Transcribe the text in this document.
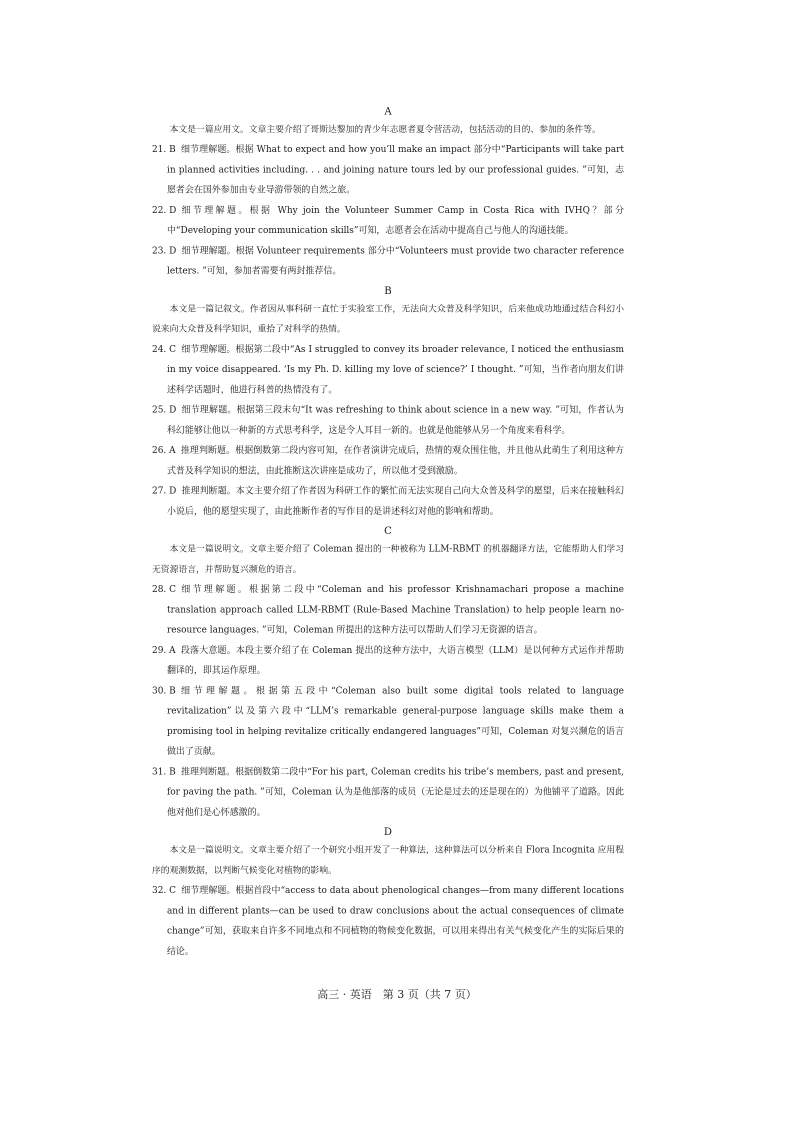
A

本文是一篇应用文。文章主要介绍了哥斯达黎加的青少年志愿者夏令营活动，包括活动的目的、参加的条件等。

21. B 细节理解题。根据 What to expect and how you’ll make an impact 部分中“Participants will take part in planned activities including. . . and joining nature tours led by our professional guides. ”可知，志愿者会在国外参加由专业导游带领的自然之旅。
22. D 细节理解题。根据 Why join the Volunteer Summer Camp in Costa Rica with IVHQ？部分中“Developing your communication skills”可知，志愿者会在活动中提高自己与他人的沟通技能。
23. D 细节理解题。根据 Volunteer requirements 部分中“Volunteers must provide two character reference letters. ”可知，参加者需要有两封推荐信。

B

本文是一篇记叙文。作者因从事科研一直忙于实验室工作，无法向大众普及科学知识，后来他成功地通过结合科幻小说来向大众普及科学知识，重拾了对科学的热情。

24. C 细节理解题。根据第二段中“As I struggled to convey its broader relevance, I noticed the enthusiasm in my voice disappeared. ‘Is my Ph. D. killing my love of science?’ I thought. ”可知，当作者向朋友们讲述科学话题时，他进行科普的热情没有了。
25. D 细节理解题。根据第三段末句“It was refreshing to think about science in a new way. ”可知，作者认为科幻能够让他以一种新的方式思考科学，这是令人耳目一新的。也就是他能够从另一个角度来看科学。
26. A 推理判断题。根据倒数第二段内容可知，在作者演讲完成后，热情的观众围住他，并且他从此萌生了利用这种方式普及科学知识的想法，由此推断这次讲座是成功了，所以他才受到激励。
27. D 推理判断题。本文主要介绍了作者因为科研工作的繁忙而无法实现自己向大众普及科学的愿望，后来在接触科幻小说后，他的愿望实现了，由此推断作者的写作目的是讲述科幻对他的影响和帮助。

C

本文是一篇说明文。文章主要介绍了 Coleman 提出的一种被称为 LLM-RBMT 的机器翻译方法，它能帮助人们学习无资源语言，并帮助复兴濒危的语言。

28. C 细节理解题。根据第二段中“Coleman and his professor Krishnamachari propose a machine translation approach called LLM-RBMT (Rule-Based Machine Translation) to help people learn no-resource languages. ”可知，Coleman 所提出的这种方法可以帮助人们学习无资源的语言。
29. A 段落大意题。本段主要介绍了在 Coleman 提出的这种方法中，大语言模型（LLM）是以何种方式运作并帮助翻译的，即其运作原理。
30. B 细节理解题。根据第五段中“Coleman also built some digital tools related to language revitalization”以及第六段中“LLM’s remarkable general-purpose language skills make them a promising tool in helping revitalize critically endangered languages”可知，Coleman 对复兴濒危的语言做出了贡献。
31. B 推理判断题。根据倒数第二段中“For his part, Coleman credits his tribe’s members, past and present, for paving the path. ”可知，Coleman 认为是他部落的成员（无论是过去的还是现在的）为他铺平了道路。因此他对他们是心怀感激的。

D

本文是一篇说明文。文章主要介绍了一个研究小组开发了一种算法，这种算法可以分析来自 Flora Incognita 应用程序的观测数据，以判断气候变化对植物的影响。

32. C 细节理解题。根据首段中“access to data about phenological changes—from many different locations and in different plants—can be used to draw conclusions about the actual consequences of climate change”可知，获取来自许多不同地点和不同植物的物候变化数据，可以用来得出有关气候变化产生的实际后果的结论。
高三 · 英语　第 3 页（共 7 页）
